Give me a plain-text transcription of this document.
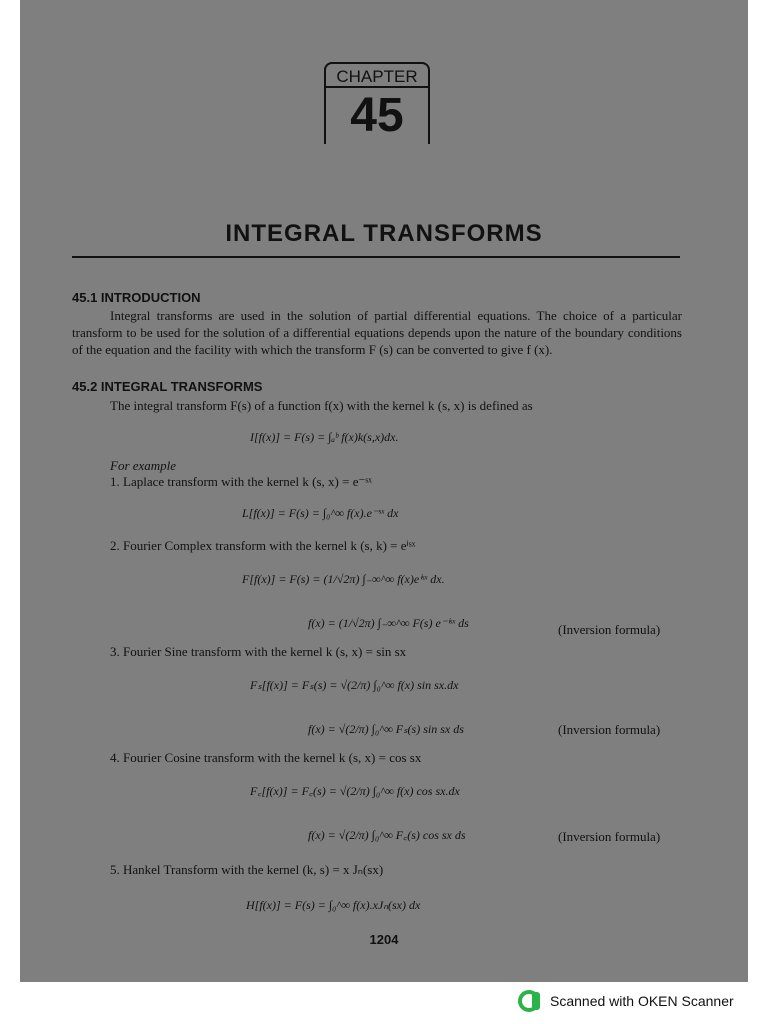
CHAPTER
45
INTEGRAL TRANSFORMS
45.1 INTRODUCTION
Integral transforms are used in the solution of partial differential equations. The choice of a particular transform to be used for the solution of a differential equations depends upon the nature of the boundary conditions of the equation and the facility with which the transform F (s) can be converted to give f (x).
45.2 INTEGRAL TRANSFORMS
The integral transform F(s) of a function f(x) with the kernel k (s, x) is defined as
I[f(x)] = F(s) = ∫ₐᵇ f(x)k(s,x)dx.
For example
1. Laplace transform with the kernel k (s, x) = e⁻ˢˣ
L[f(x)] = F(s) = ∫₀^∞ f(x).e⁻ˢˣ dx
2. Fourier Complex transform with the kernel k (s, k) = eⁱˢˣ
F[f(x)] = F(s) = (1/√2π) ∫₋∞^∞ f(x)eⁱˢˣ dx.
f(x) = (1/√2π) ∫₋∞^∞ F(s) e⁻ⁱˢˣ ds	(Inversion formula)
3. Fourier Sine transform with the kernel k (s, x) = sin sx
Fₛ[f(x)] = Fₛ(s) = √(2/π) ∫₀^∞ f(x) sin sx.dx
f(x) = √(2/π) ∫₀^∞ Fₛ(s) sin sx ds	(Inversion formula)
4. Fourier Cosine transform with the kernel k (s, x) = cos sx
F꜀[f(x)] = F꜀(s) = √(2/π) ∫₀^∞ f(x) cos sx.dx
f(x) = √(2/π) ∫₀^∞ F꜀(s) cos sx ds	(Inversion formula)
5. Hankel Transform with the kernel (k, s) = x Jₙ(sx)
H[f(x)] = F(s) = ∫₀^∞ f(x).xJₙ(sx) dx
1204
Scanned with OKEN Scanner
